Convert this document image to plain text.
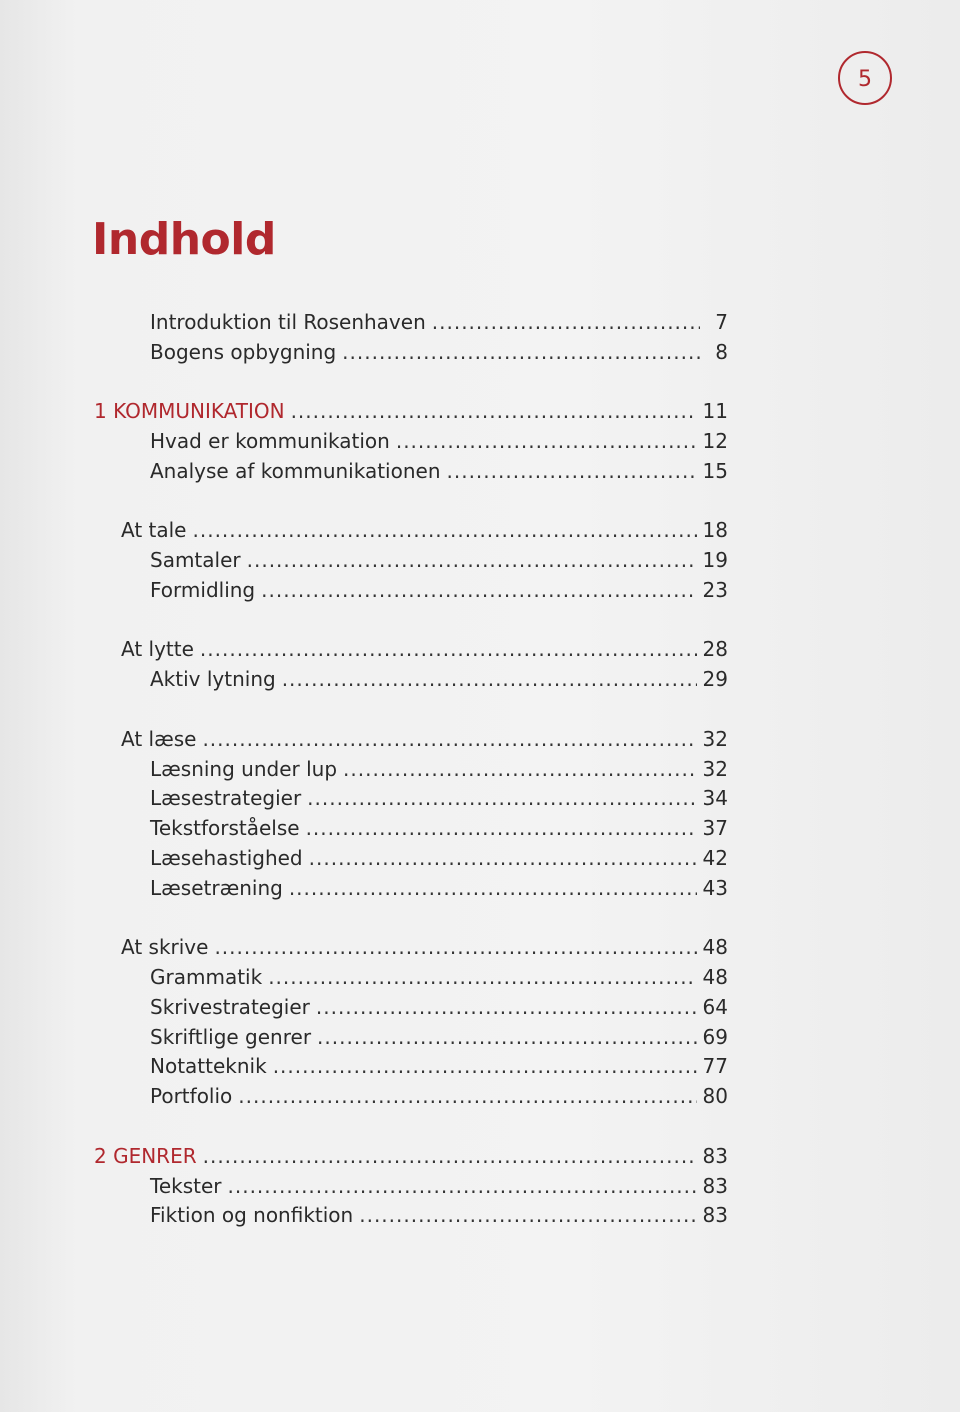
5
Indhold
Introduktion til Rosenhaven .....	7
Bogens opbygning .....	8
1 KOMMUNIKATION .....	11
Hvad er kommunikation .....	12
Analyse af kommunikationen .....	15
At tale .....	18
Samtaler .....	19
Formidling .....	23
At lytte .....	28
Aktiv lytning .....	29
At læse .....	32
Læsning under lup .....	32
Læsestrategier .....	34
Tekstforståelse .....	37
Læsehastighed .....	42
Læsetræning .....	43
At skrive .....	48
Grammatik .....	48
Skrivestrategier .....	64
Skriftlige genrer .....	69
Notatteknik .....	77
Portfolio .....	80
2 GENRER .....	83
Tekster .....	83
Fiktion og nonfiktion .....	83
